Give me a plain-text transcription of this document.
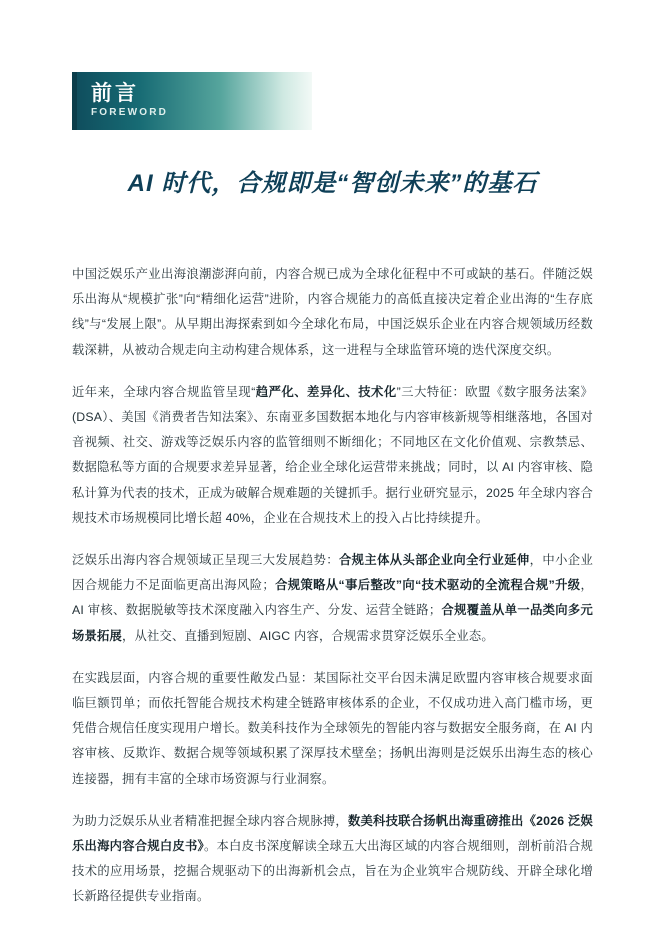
前言
FOREWORD
AI 时代，合规即是“智创未来”的基石

中国泛娱乐产业出海浪潮澎湃向前，内容合规已成为全球化征程中不可或缺的基石。伴随泛娱乐出海从“规模扩张”向“精细化运营”进阶，内容合规能力的高低直接决定着企业出海的“生存底线”与“发展上限”。从早期出海探索到如今全球化布局，中国泛娱乐企业在内容合规领域历经数载深耕，从被动合规走向主动构建合规体系，这一进程与全球监管环境的迭代深度交织。

近年来，全球内容合规监管呈现“趋严化、差异化、技术化”三大特征：欧盟《数字服务法案》(DSA）、美国《消费者告知法案》、东南亚多国数据本地化与内容审核新规等相继落地，各国对音视频、社交、游戏等泛娱乐内容的监管细则不断细化；不同地区在文化价值观、宗教禁忌、数据隐私等方面的合规要求差异显著，给企业全球化运营带来挑战；同时，以 AI 内容审核、隐私计算为代表的技术，正成为破解合规难题的关键抓手。据行业研究显示，2025 年全球内容合规技术市场规模同比增长超 40%，企业在合规技术上的投入占比持续提升。

泛娱乐出海内容合规领域正呈现三大发展趋势：合规主体从头部企业向全行业延伸，中小企业因合规能力不足面临更高出海风险；合规策略从“事后整改”向“技术驱动的全流程合规”升级，AI 审核、数据脱敏等技术深度融入内容生产、分发、运营全链路；合规覆盖从单一品类向多元场景拓展，从社交、直播到短剧、AIGC 内容，合规需求贯穿泛娱乐全业态。

在实践层面，内容合规的重要性敞发凸显：某国际社交平台因未满足欧盟内容审核合规要求面临巨额罚单；而依托智能合规技术构建全链路审核体系的企业，不仅成功进入高门槛市场，更凭借合规信任度实现用户增长。数美科技作为全球领先的智能内容与数据安全服务商，在 AI 内容审核、反欺诈、数据合规等领域积累了深厚技术壁垒；扬帆出海则是泛娱乐出海生态的核心连接器，拥有丰富的全球市场资源与行业洞察。

为助力泛娱乐从业者精准把握全球内容合规脉搏，数美科技联合扬帆出海重磅推出《2026 泛娱乐出海内容合规白皮书》。本白皮书深度解读全球五大出海区域的内容合规细则，剖析前沿合规技术的应用场景，挖掘合规驱动下的出海新机会点，旨在为企业筑牢合规防线、开辟全球化增长新路径提供专业指南。
